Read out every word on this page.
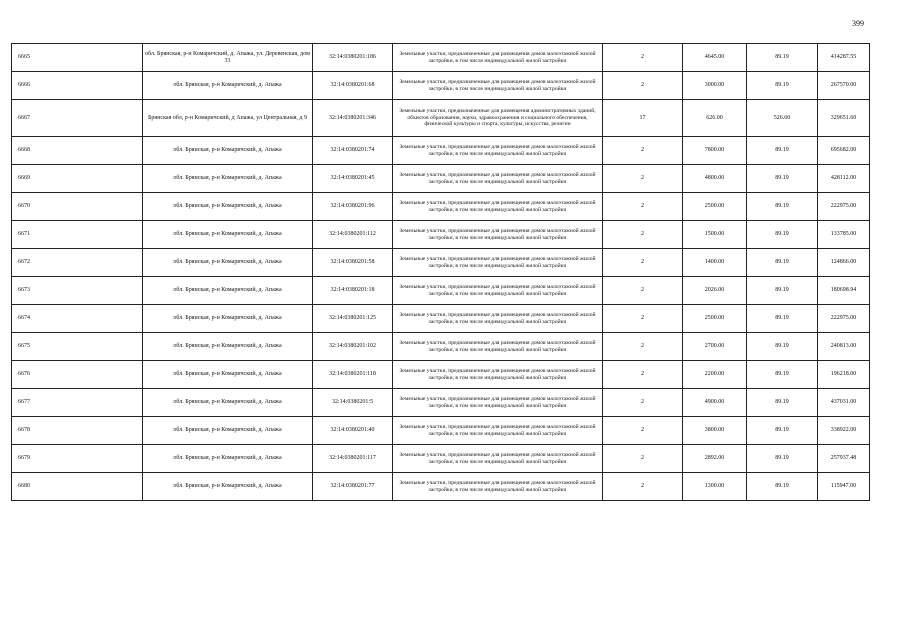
399
6665	обл. Брянская, р-н Комаричский, д. Апажа, ул. Деревенская, дом 33	32:14:0380201:186	Земельные участки, предназначенные для размещения домов малоэтажной жилой застройки, в том числе индивидуальной жилой застройки	2	4645.00	89.19	414287.55
6666	обл. Брянская, р-н Комаричский, д. Апажа	32:14:0380201:68	Земельные участки, предназначенные для размещения домов малоэтажной жилой застройки, в том числе индивидуальной жилой застройки	2	3000.00	89.19	267570.00
6667	Брянская обл, р-н Комаричский, д Апажа, ул Центральная, д 9	32:14:0380201:346	Земельные участки, предназначенные для размещения административных зданий, объектов образования, науки, здравоохранения и социального обеспечения, физической культуры и спорта, культуры, искусства, религии	17	626.00	526.60	329651.60
6668	обл. Брянская, р-н Комаричский, д. Апажа	32:14:0380201:74	Земельные участки, предназначенные для размещения домов малоэтажной жилой застройки, в том числе индивидуальной жилой застройки	2	7800.00	89.19	695682.00
6669	обл. Брянская, р-н Комаричский, д. Апажа	32:14:0380201:45	Земельные участки, предназначенные для размещения домов малоэтажной жилой застройки, в том числе индивидуальной жилой застройки	2	4800.00	89.19	428112.00
6670	обл. Брянская, р-н Комаричский, д. Апажа	32:14:0380201:96	Земельные участки, предназначенные для размещения домов малоэтажной жилой застройки, в том числе индивидуальной жилой застройки	2	2500.00	89.19	222975.00
6671	обл. Брянская, р-н Комаричский, д. Апажа	32:14:0380201:112	Земельные участки, предназначенные для размещения домов малоэтажной жилой застройки, в том числе индивидуальной жилой застройки	2	1500.00	89.19	133785.00
6672	обл. Брянская, р-н Комаричский, д. Апажа	32:14:0380201:58	Земельные участки, предназначенные для размещения домов малоэтажной жилой застройки, в том числе индивидуальной жилой застройки	2	1400.00	89.19	124866.00
6673	обл. Брянская, р-н Комаричский, д. Апажа	32:14:0380201:18	Земельные участки, предназначенные для размещения домов малоэтажной жилой застройки, в том числе индивидуальной жилой застройки	2	2026.00	89.19	180698.94
6674	обл. Брянская, р-н Комаричский, д. Апажа	32:14:0380201:125	Земельные участки, предназначенные для размещения домов малоэтажной жилой застройки, в том числе индивидуальной жилой застройки	2	2500.00	89.19	222975.00
6675	обл. Брянская, р-н Комаричский, д. Апажа	32:14:0380201:102	Земельные участки, предназначенные для размещения домов малоэтажной жилой застройки, в том числе индивидуальной жилой застройки	2	2700.00	89.19	240813.00
6676	обл. Брянская, р-н Комаричский, д. Апажа	32:14:0380201:118	Земельные участки, предназначенные для размещения домов малоэтажной жилой застройки, в том числе индивидуальной жилой застройки	2	2200.00	89.19	196218.00
6677	обл. Брянская, р-н Комаричский, д. Апажа	32:14:0380201:5	Земельные участки, предназначенные для размещения домов малоэтажной жилой застройки, в том числе индивидуальной жилой застройки	2	4900.00	89.19	437031.00
6678	обл. Брянская, р-н Комаричский, д. Апажа	32:14:0380201:40	Земельные участки, предназначенные для размещения домов малоэтажной жилой застройки, в том числе индивидуальной жилой застройки	2	3800.00	89.19	338922.00
6679	обл. Брянская, р-н Комаричский, д. Апажа	32:14:0380201:117	Земельные участки, предназначенные для размещения домов малоэтажной жилой застройки, в том числе индивидуальной жилой застройки	2	2892.00	89.19	257937.48
6680	обл. Брянская, р-н Комаричский, д. Апажа	32:14:0380201:77	Земельные участки, предназначенные для размещения домов малоэтажной жилой застройки, в том числе индивидуальной жилой застройки	2	1300.00	89.19	115947.00
